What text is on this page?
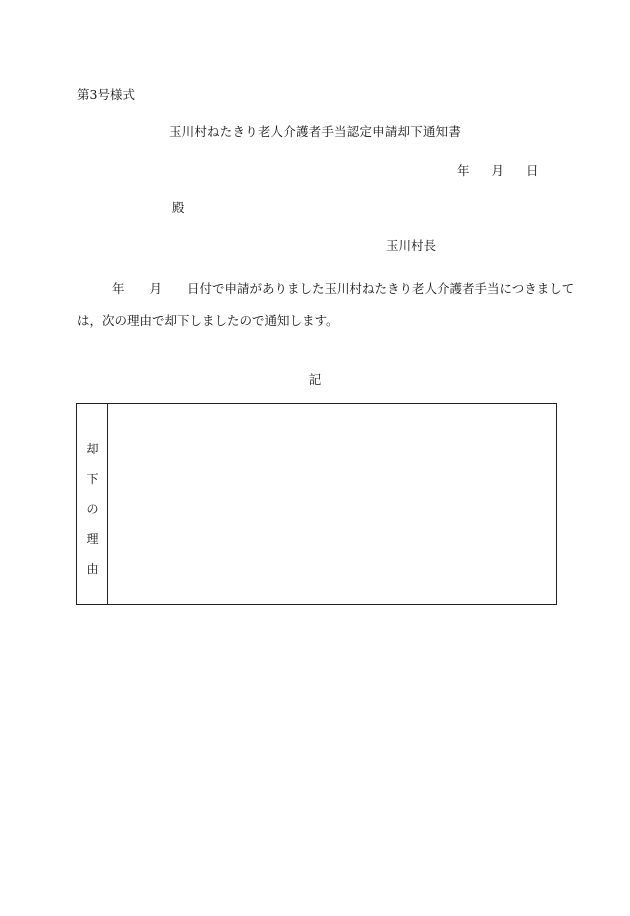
第3号様式
玉川村ねたきり老人介護者手当認定申請却下通知書
年 月 日
殿
玉川村長
年　　月　　日付で申請がありました玉川村ねたきり老人介護者手当につきまして
は，次の理由で却下しましたので通知します。
記
却
下
の
理
由
